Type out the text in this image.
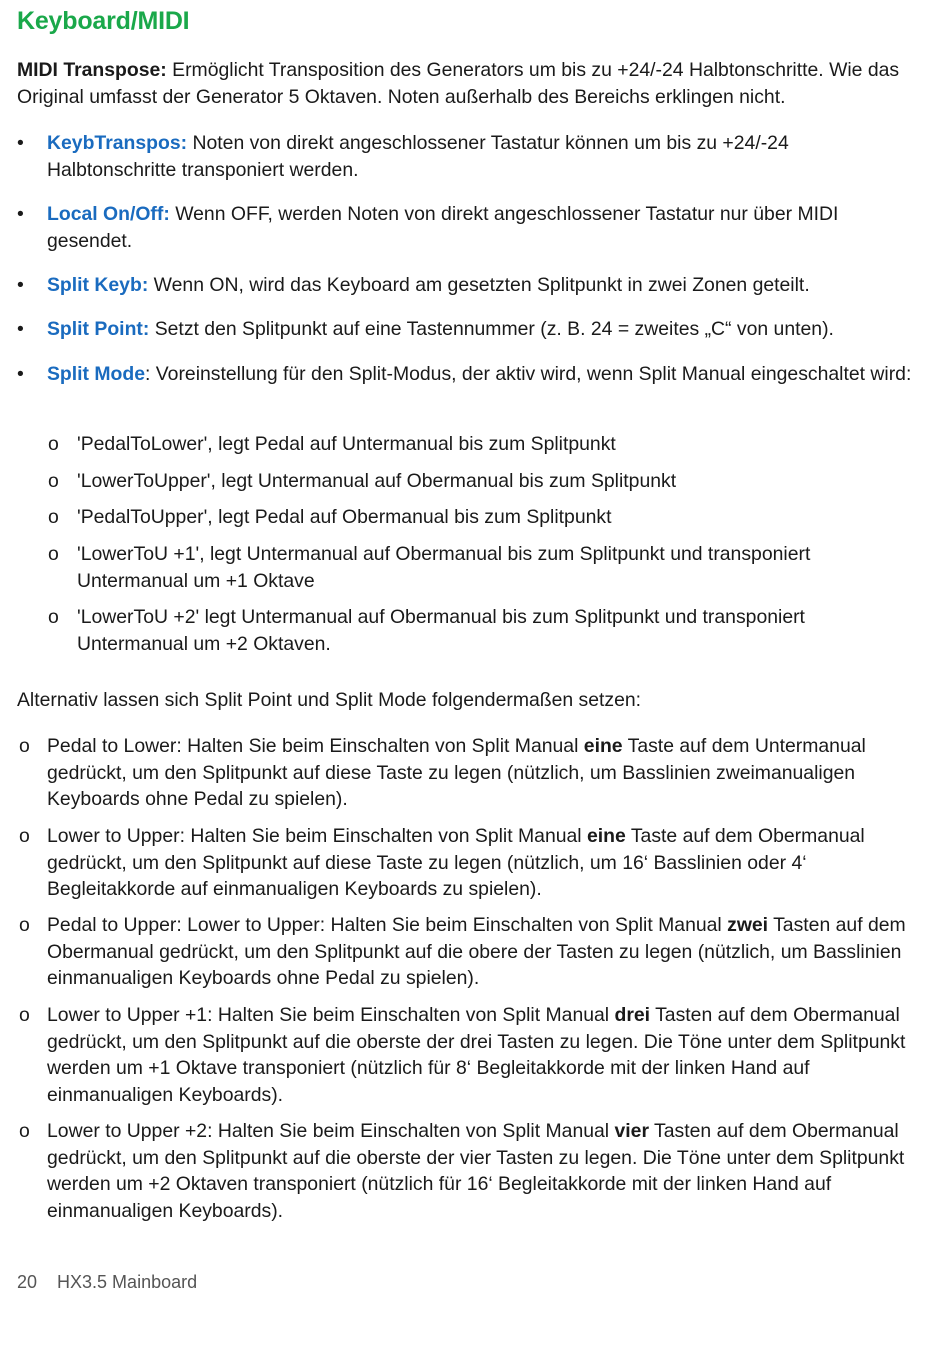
Keyboard/MIDI

MIDI Transpose: Ermöglicht Transposition des Generators um bis zu +24/-24 Halbtonschritte. Wie das Original umfasst der Generator 5 Oktaven. Noten außerhalb des Bereichs erklingen nicht.

• KeybTranspos: Noten von direkt angeschlossener Tastatur können um bis zu +24/-24 Halbtonschritte transponiert werden.
• Local On/Off: Wenn OFF, werden Noten von direkt angeschlossener Tastatur nur über MIDI gesendet.
• Split Keyb: Wenn ON, wird das Keyboard am gesetzten Splitpunkt in zwei Zonen geteilt.
• Split Point: Setzt den Splitpunkt auf eine Tastennummer (z. B. 24 = zweites „C“ von unten).
• Split Mode: Voreinstellung für den Split-Modus, der aktiv wird, wenn Split Manual eingeschaltet wird:
o 'PedalToLower', legt Pedal auf Untermanual bis zum Splitpunkt
o 'LowerToUpper', legt Untermanual auf Obermanual bis zum Splitpunkt
o 'PedalToUpper', legt Pedal auf Obermanual bis zum Splitpunkt
o 'LowerToU +1', legt Untermanual auf Obermanual bis zum Splitpunkt und transponiert Untermanual um +1 Oktave
o 'LowerToU +2' legt Untermanual auf Obermanual bis zum Splitpunkt und transponiert Untermanual um +2 Oktaven.

Alternativ lassen sich Split Point und Split Mode folgendermaßen setzen:

o Pedal to Lower: Halten Sie beim Einschalten von Split Manual eine Taste auf dem Untermanual gedrückt, um den Splitpunkt auf diese Taste zu legen (nützlich, um Basslinien zweimanualigen Keyboards ohne Pedal zu spielen).
o Lower to Upper: Halten Sie beim Einschalten von Split Manual eine Taste auf dem Obermanual gedrückt, um den Splitpunkt auf diese Taste zu legen (nützlich, um 16‘ Basslinien oder 4‘ Begleitakkorde auf einmanualigen Keyboards zu spielen).
o Pedal to Upper: Lower to Upper: Halten Sie beim Einschalten von Split Manual zwei Tasten auf dem Obermanual gedrückt, um den Splitpunkt auf die obere der Tasten zu legen (nützlich, um Basslinien einmanualigen Keyboards ohne Pedal zu spielen).
o Lower to Upper +1: Halten Sie beim Einschalten von Split Manual drei Tasten auf dem Obermanual gedrückt, um den Splitpunkt auf die oberste der drei Tasten zu legen. Die Töne unter dem Splitpunkt werden um +1 Oktave transponiert (nützlich für 8‘ Begleitakkorde mit der linken Hand auf einmanualigen Keyboards).
o Lower to Upper +2: Halten Sie beim Einschalten von Split Manual vier Tasten auf dem Obermanual gedrückt, um den Splitpunkt auf die oberste der vier Tasten zu legen. Die Töne unter dem Splitpunkt werden um +2 Oktaven transponiert (nützlich für 16‘ Begleitakkorde mit der linken Hand auf einmanualigen Keyboards).
20 HX3.5 Mainboard
